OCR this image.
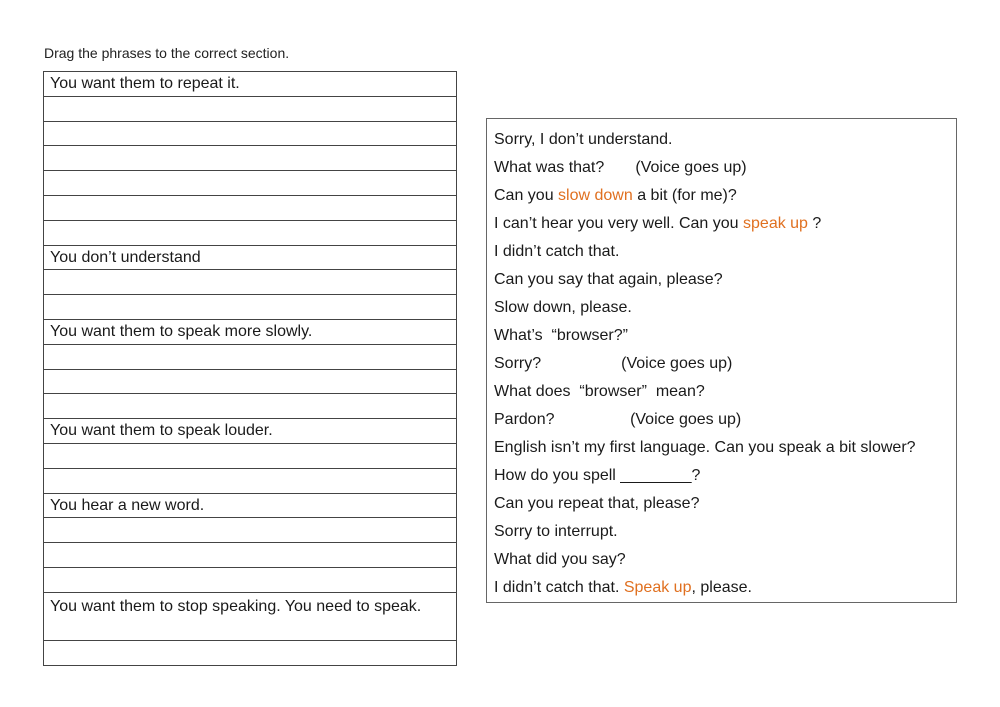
Drag the phrases to the correct section.
You want them to repeat it.
You don’t understand
You want them to speak more slowly.
You want them to speak louder.
You hear a new word.
You want them to stop speaking. You need to speak.
Sorry, I don’t understand.
What was that?       (Voice goes up)
Can you slow down a bit (for me)?
I can’t hear you very well. Can you speak up ?
I didn’t catch that.
Can you say that again, please?
Slow down, please.
What’s  “browser?”
Sorry?                  (Voice goes up)
What does  “browser”  mean?
Pardon?                 (Voice goes up)
English isn’t my first language. Can you speak a bit slower?
How do you spell ________?
Can you repeat that, please?
Sorry to interrupt.
What did you say?
I didn’t catch that. Speak up, please.
